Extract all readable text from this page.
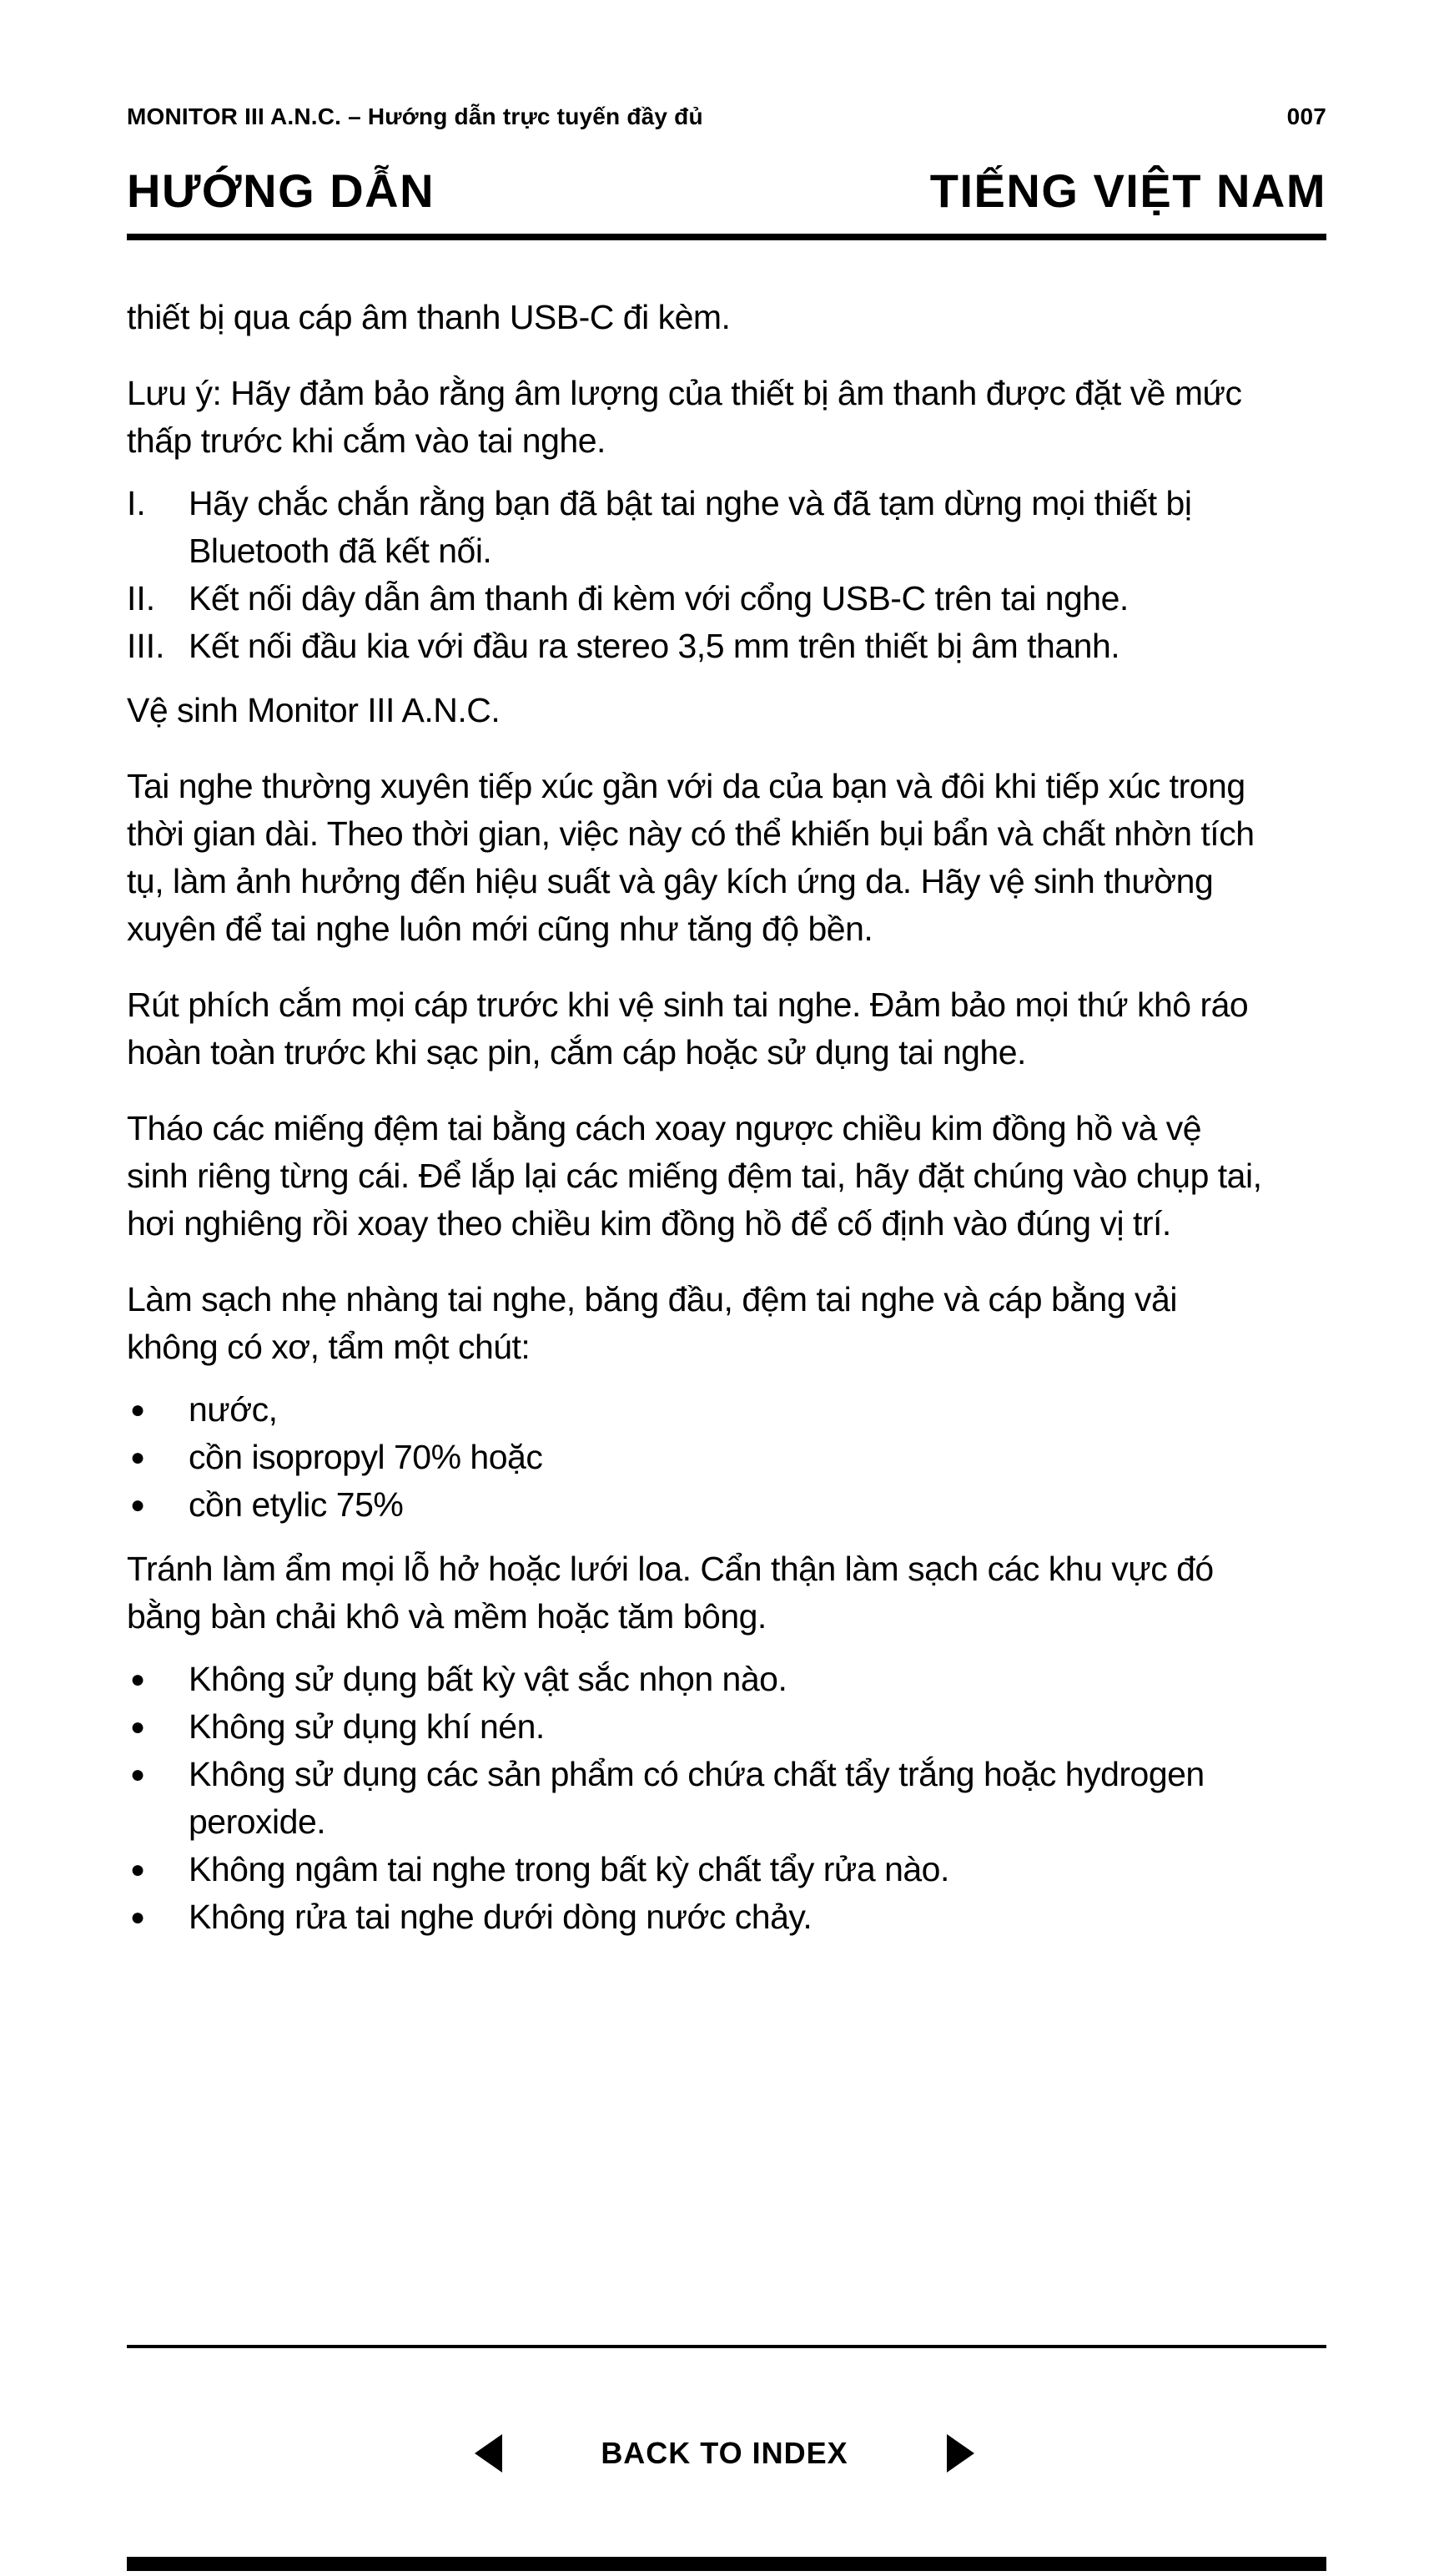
MONITOR III A.N.C. – Hướng dẫn trực tuyến đầy đủ	007
HƯỚNG DẪN	TIẾNG VIỆT NAM
thiết bị qua cáp âm thanh USB-C đi kèm.
Lưu ý: Hãy đảm bảo rằng âm lượng của thiết bị âm thanh được đặt về mức
thấp trước khi cắm vào tai nghe.
I. Hãy chắc chắn rằng bạn đã bật tai nghe và đã tạm dừng mọi thiết bị
Bluetooth đã kết nối.
II. Kết nối dây dẫn âm thanh đi kèm với cổng USB-C trên tai nghe.
III. Kết nối đầu kia với đầu ra stereo 3,5 mm trên thiết bị âm thanh.
Vệ sinh Monitor III A.N.C.
Tai nghe thường xuyên tiếp xúc gần với da của bạn và đôi khi tiếp xúc trong
thời gian dài. Theo thời gian, việc này có thể khiến bụi bẩn và chất nhờn tích
tụ, làm ảnh hưởng đến hiệu suất và gây kích ứng da. Hãy vệ sinh thường
xuyên để tai nghe luôn mới cũng như tăng độ bền.
Rút phích cắm mọi cáp trước khi vệ sinh tai nghe. Đảm bảo mọi thứ khô ráo
hoàn toàn trước khi sạc pin, cắm cáp hoặc sử dụng tai nghe.
Tháo các miếng đệm tai bằng cách xoay ngược chiều kim đồng hồ và vệ
sinh riêng từng cái. Để lắp lại các miếng đệm tai, hãy đặt chúng vào chụp tai,
hơi nghiêng rồi xoay theo chiều kim đồng hồ để cố định vào đúng vị trí.
Làm sạch nhẹ nhàng tai nghe, băng đầu, đệm tai nghe và cáp bằng vải
không có xơ, tẩm một chút:
● nước,
● cồn isopropyl 70% hoặc
● cồn etylic 75%
Tránh làm ẩm mọi lỗ hở hoặc lưới loa. Cẩn thận làm sạch các khu vực đó
bằng bàn chải khô và mềm hoặc tăm bông.
● Không sử dụng bất kỳ vật sắc nhọn nào.
● Không sử dụng khí nén.
● Không sử dụng các sản phẩm có chứa chất tẩy trắng hoặc hydrogen
peroxide.
● Không ngâm tai nghe trong bất kỳ chất tẩy rửa nào.
● Không rửa tai nghe dưới dòng nước chảy.
BACK TO INDEX
